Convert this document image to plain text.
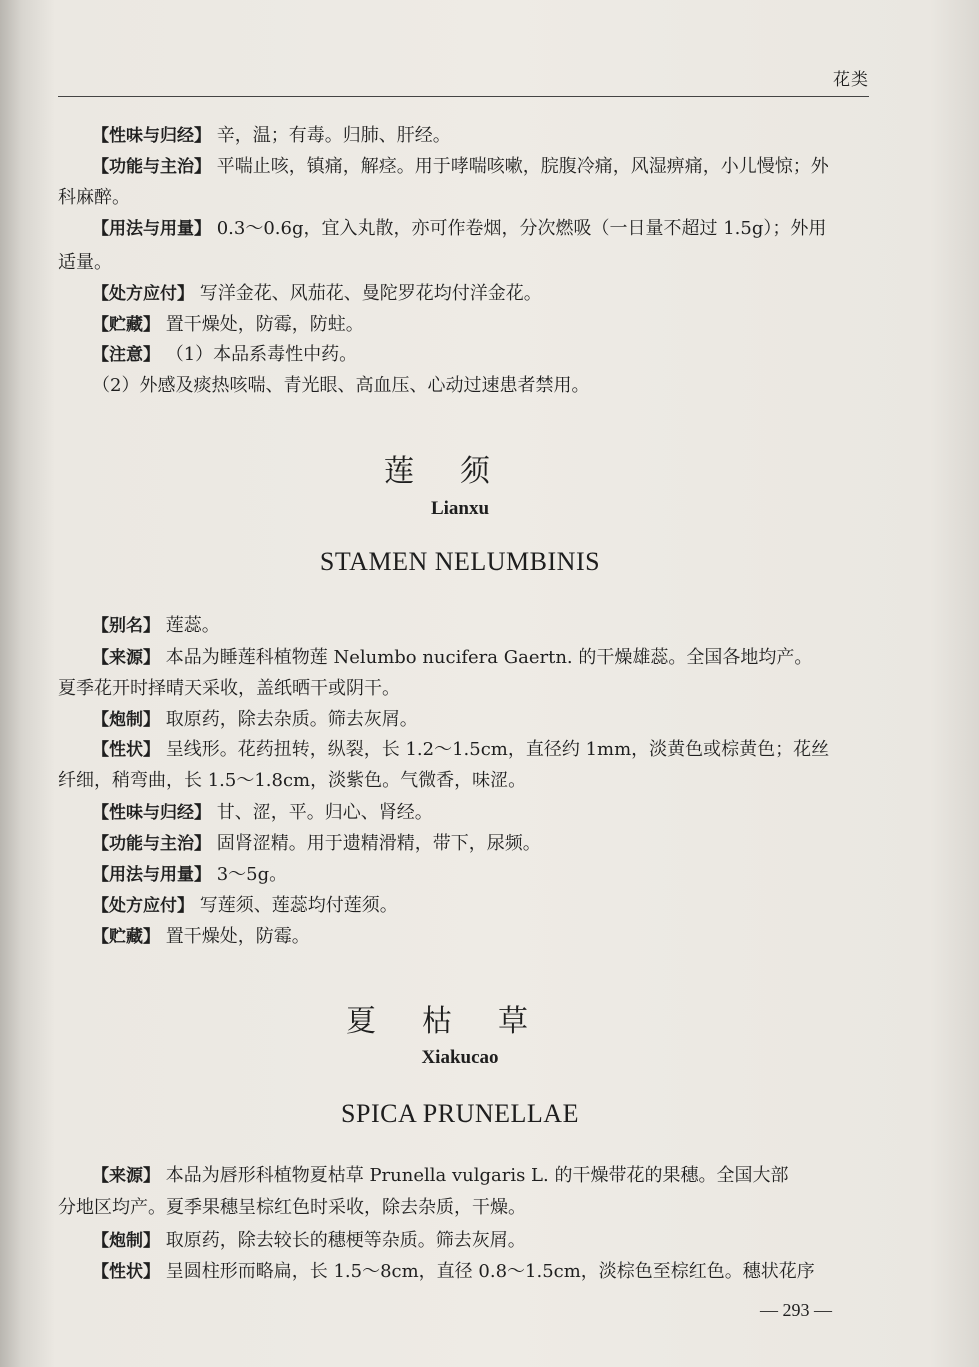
花类
【性味与归经】 辛，温；有毒。归肺、肝经。
【功能与主治】 平喘止咳，镇痛，解痉。用于哮喘咳嗽，脘腹冷痛，风湿痹痛，小儿慢惊；外
科麻醉。
【用法与用量】 0.3～0.6g，宜入丸散，亦可作卷烟，分次燃吸（一日量不超过 1.5g）；外用
适量。
【处方应付】 写洋金花、风茄花、曼陀罗花均付洋金花。
【贮藏】 置干燥处，防霉，防蛀。
【注意】 （1）本品系毒性中药。
（2）外感及痰热咳喘、青光眼、高血压、心动过速患者禁用。
莲须
Lianxu
STAMEN NELUMBINIS
【别名】 莲蕊。
【来源】 本品为睡莲科植物莲 Nelumbo nucifera Gaertn. 的干燥雄蕊。全国各地均产。
夏季花开时择晴天采收，盖纸晒干或阴干。
【炮制】 取原药，除去杂质。筛去灰屑。
【性状】 呈线形。花药扭转，纵裂，长 1.2～1.5cm，直径约 1mm，淡黄色或棕黄色；花丝
纤细，稍弯曲，长 1.5～1.8cm，淡紫色。气微香，味涩。
【性味与归经】 甘、涩，平。归心、肾经。
【功能与主治】 固肾涩精。用于遗精滑精，带下，尿频。
【用法与用量】 3～5g。
【处方应付】 写莲须、莲蕊均付莲须。
【贮藏】 置干燥处，防霉。
夏枯草
Xiakucao
SPICA PRUNELLAE
【来源】 本品为唇形科植物夏枯草 Prunella vulgaris L. 的干燥带花的果穗。全国大部
分地区均产。夏季果穗呈棕红色时采收，除去杂质，干燥。
【炮制】 取原药，除去较长的穗梗等杂质。筛去灰屑。
【性状】 呈圆柱形而略扁，长 1.5～8cm，直径 0.8～1.5cm，淡棕色至棕红色。穗状花序
— 293 —
